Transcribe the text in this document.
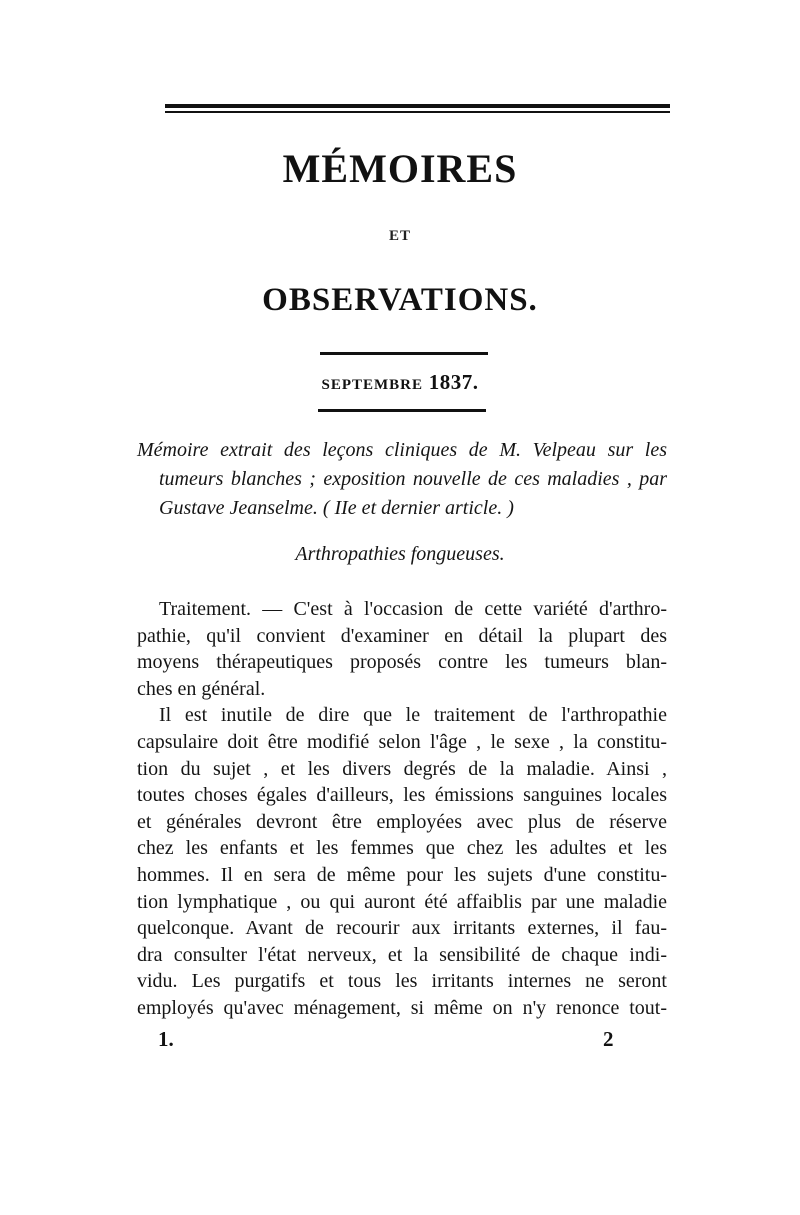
MÉMOIRES
ET
OBSERVATIONS.
SEPTEMBRE 1837.
Mémoire extrait des leçons cliniques de M. Velpeau sur les
tumeurs blanches ; exposition nouvelle de ces maladies , par
Gustave Jeanselme. ( IIe et dernier article. )
Arthropathies fongueuses.
Traitement. — C'est à l'occasion de cette variété d'arthro-
pathie, qu'il convient d'examiner en détail la plupart des
moyens thérapeutiques proposés contre les tumeurs blan-
ches en général.
Il est inutile de dire que le traitement de l'arthropathie
capsulaire doit être modifié selon l'âge , le sexe , la constitu-
tion du sujet , et les divers degrés de la maladie. Ainsi ,
toutes choses égales d'ailleurs, les émissions sanguines locales
et générales devront être employées avec plus de réserve
chez les enfants et les femmes que chez les adultes et les
hommes. Il en sera de même pour les sujets d'une constitu-
tion lymphatique , ou qui auront été affaiblis par une maladie
quelconque. Avant de recourir aux irritants externes, il fau-
dra consulter l'état nerveux, et la sensibilité de chaque indi-
vidu. Les purgatifs et tous les irritants internes ne seront
employés qu'avec ménagement, si même on n'y renonce tout-
1.	2
